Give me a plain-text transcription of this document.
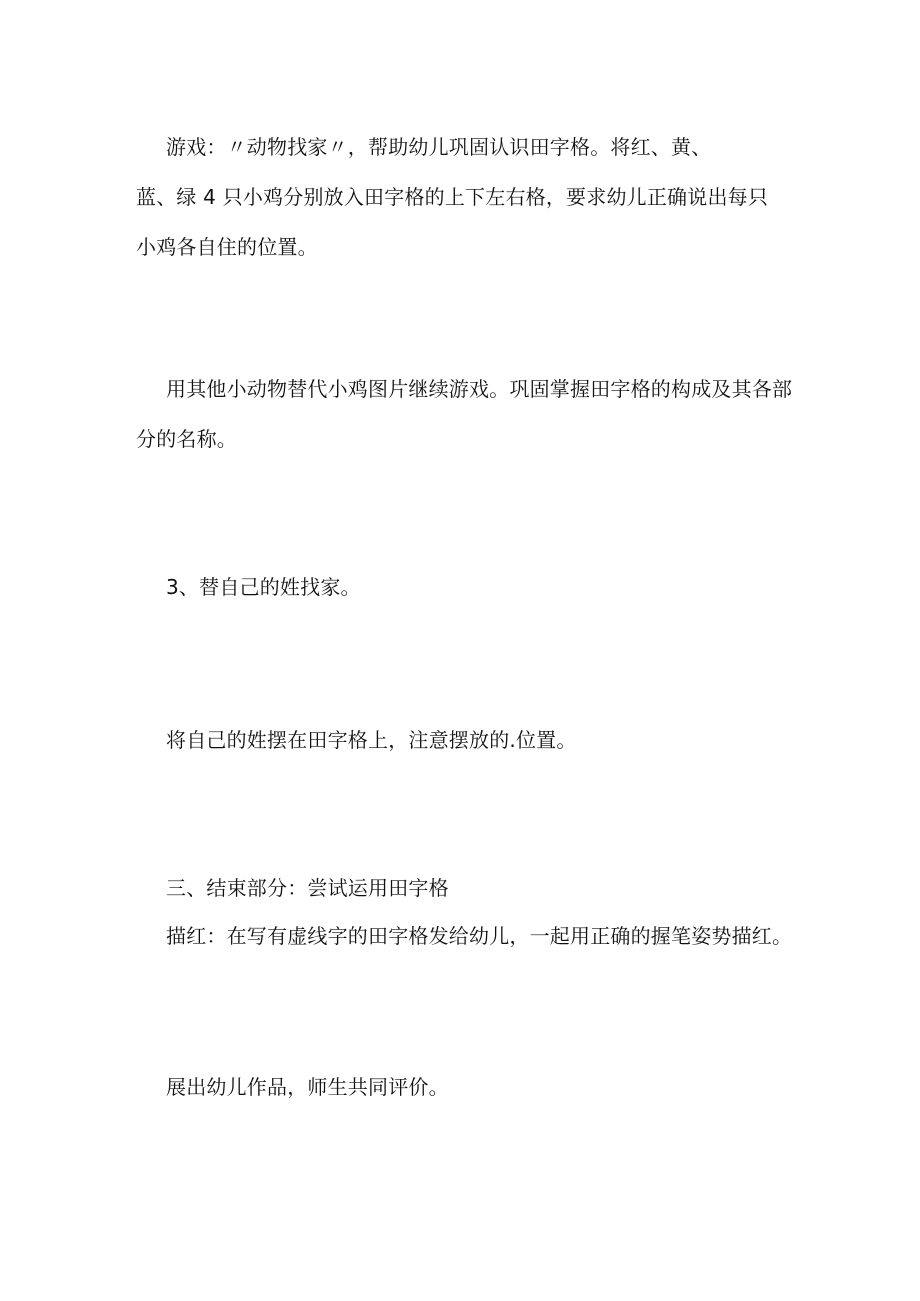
游戏：〃动物找家〃，帮助幼儿巩固认识田字格。将红、黄、
蓝、绿 4 只小鸡分别放入田字格的上下左右格，要求幼儿正确说出每只
小鸡各自住的位置。
用其他小动物替代小鸡图片继续游戏。巩固掌握田字格的构成及其各部
分的名称。
3、替自己的姓找家。
将自己的姓摆在田字格上，注意摆放的.位置。
三、结束部分：尝试运用田字格
描红：在写有虚线字的田字格发给幼儿，一起用正确的握笔姿势描红。
展出幼儿作品，师生共同评价。
